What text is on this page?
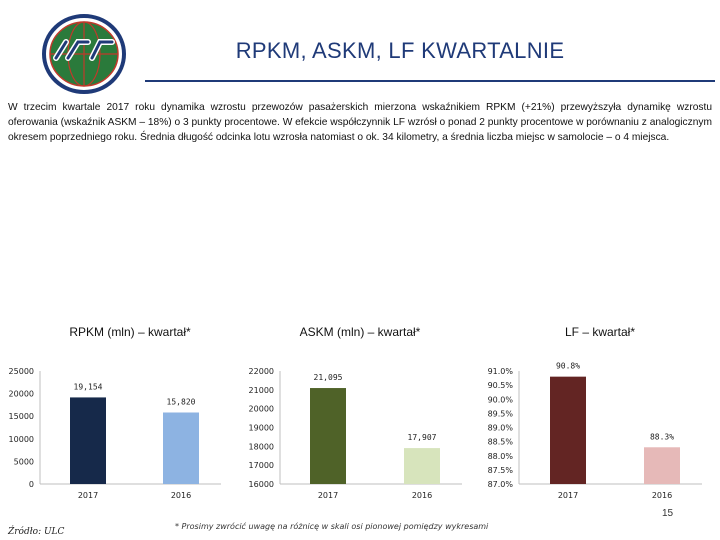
RPKM, ASKM, LF KWARTALNIE
W trzecim kwartale 2017 roku dynamika wzrostu przewozów pasażerskich mierzona wskaźnikiem RPKM (+21%) przewyższyła dynamikę wzrostu oferowania (wskaźnik ASKM – 18%) o 3 punkty procentowe. W efekcie współczynnik LF wzrósł o ponad 2 punkty procentowe w porównaniu z analogicznym okresem poprzedniego roku. Średnia długość odcinka lotu wzrosła natomiast o ok. 34 kilometry, a średnia liczba miejsc w samolocie – o 4 miejsca.
RPKM (mln) – kwartał*	ASKM (mln) – kwartał*	LF – kwartał*
0
5000
10000
15000
20000
25000
19,154
2017
15,820
2016
16000
17000
18000
19000
20000
21000
22000
21,095
2017
17,907
2016
87.0%
87.5%
88.0%
88.5%
89.0%
89.5%
90.0%
90.5%
91.0%
90.8%
2017
88.3%
2016
15
Źródło: ULC
* Prosimy zwrócić uwagę na różnicę w skali osi pionowej pomiędzy wykresami
